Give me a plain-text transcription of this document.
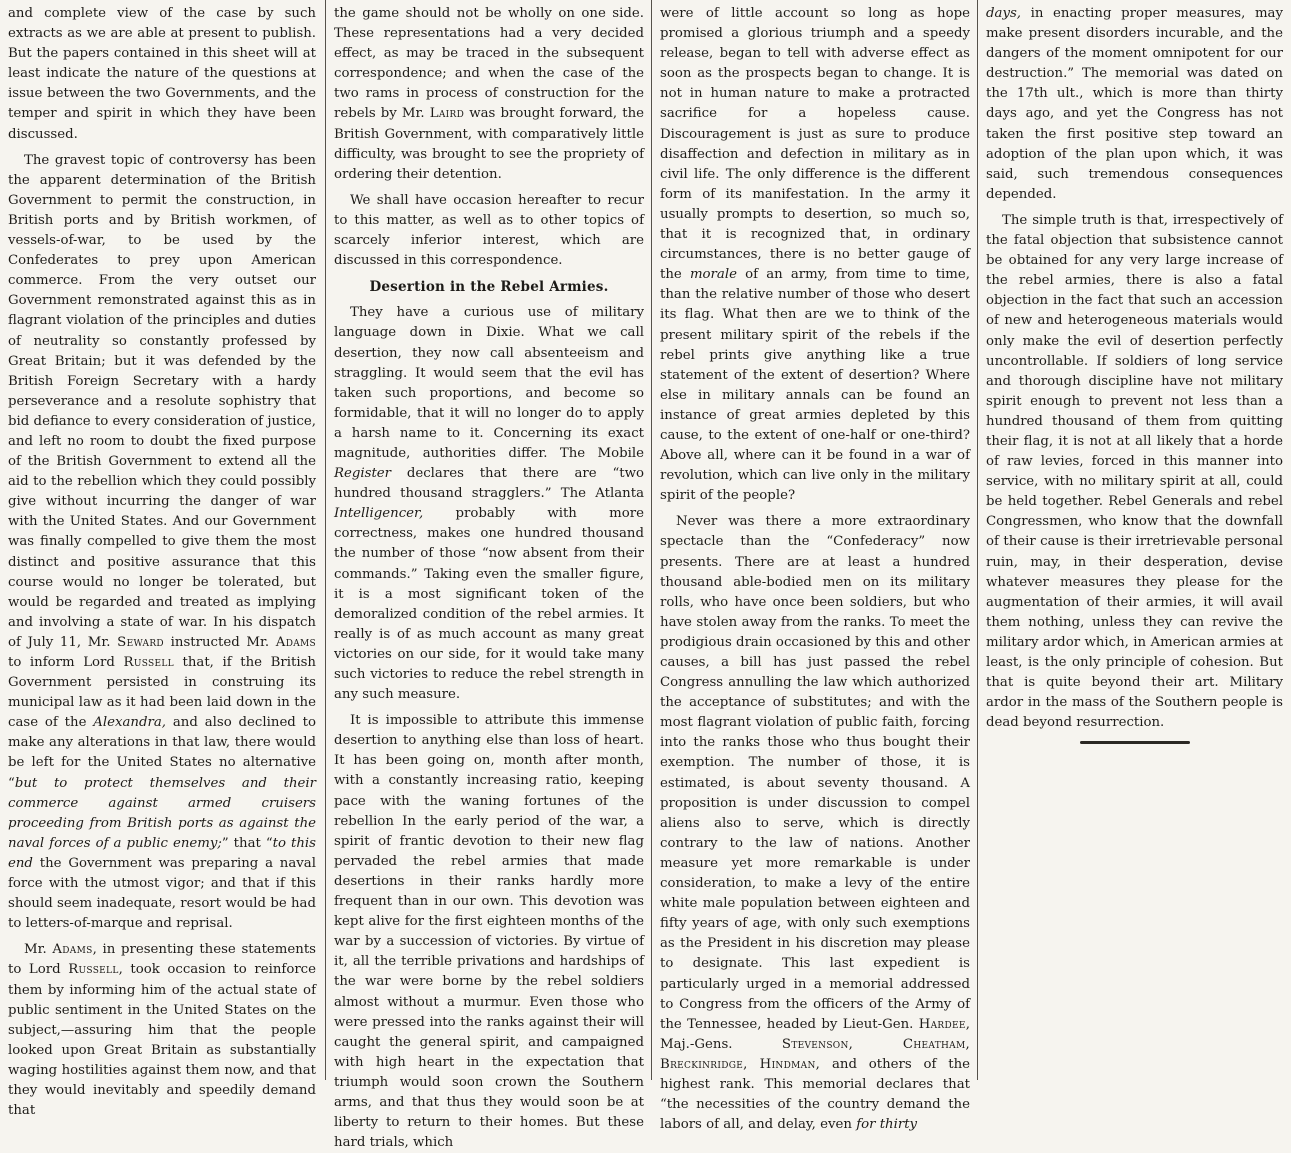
and complete view of the case by such extracts as we are able at present to publish. But the papers contained in this sheet will at least indicate the nature of the questions at issue between the two Governments, and the temper and spirit in which they have been discussed.

The gravest topic of controversy has been the apparent determination of the British Government to permit the construction, in British ports and by British workmen, of vessels-of-war, to be used by the Confederates to prey upon American commerce. From the very outset our Government remonstrated against this as in flagrant violation of the principles and duties of neutrality so constantly professed by Great Britain; but it was defended by the British Foreign Secretary with a hardy perseverance and a resolute sophistry that bid defiance to every consideration of justice, and left no room to doubt the fixed purpose of the British Government to extend all the aid to the rebellion which they could possibly give without incurring the danger of war with the United States. And our Government was finally compelled to give them the most distinct and positive assurance that this course would no longer be tolerated, but would be regarded and treated as implying and involving a state of war. In his dispatch of July 11, Mr. Seward instructed Mr. Adams to inform Lord Russell that, if the British Government persisted in construing its municipal law as it had been laid down in the case of the Alexandra, and also declined to make any alterations in that law, there would be left for the United States no alternative “but to protect themselves and their commerce against armed cruisers proceeding from British ports as against the naval forces of a public enemy;” that “to this end the Government was preparing a naval force with the utmost vigor; and that if this should seem inadequate, resort would be had to letters-of-marque and reprisal.

Mr. Adams, in presenting these statements to Lord Russell, took occasion to reinforce them by informing him of the actual state of public sentiment in the United States on the subject,—assuring him that the people looked upon Great Britain as substantially waging hostilities against them now, and that they would inevitably and speedily demand that

the game should not be wholly on one side. These representations had a very decided effect, as may be traced in the subsequent correspondence; and when the case of the two rams in process of construction for the rebels by Mr. Laird was brought forward, the British Government, with comparatively little difficulty, was brought to see the propriety of ordering their detention.

We shall have occasion hereafter to recur to this matter, as well as to other topics of scarcely inferior interest, which are discussed in this correspondence.

Desertion in the Rebel Armies.

They have a curious use of military language down in Dixie. What we call desertion, they now call absenteeism and straggling. It would seem that the evil has taken such proportions, and become so formidable, that it will no longer do to apply a harsh name to it. Concerning its exact magnitude, authorities differ. The Mobile Register declares that there are “two hundred thousand stragglers.” The Atlanta Intelligencer, probably with more correctness, makes one hundred thousand the number of those “now absent from their commands.” Taking even the smaller figure, it is a most significant token of the demoralized condition of the rebel armies. It really is of as much account as many great victories on our side, for it would take many such victories to reduce the rebel strength in any such measure.

It is impossible to attribute this immense desertion to anything else than loss of heart. It has been going on, month after month, with a constantly increasing ratio, keeping pace with the waning fortunes of the rebellion In the early period of the war, a spirit of frantic devotion to their new flag pervaded the rebel armies that made desertions in their ranks hardly more frequent than in our own. This devotion was kept alive for the first eighteen months of the war by a succession of victories. By virtue of it, all the terrible privations and hardships of the war were borne by the rebel soldiers almost without a murmur. Even those who were pressed into the ranks against their will caught the general spirit, and campaigned with high heart in the expectation that triumph would soon crown the Southern arms, and that thus they would soon be at liberty to return to their homes. But these hard trials, which

were of little account so long as hope promised a glorious triumph and a speedy release, began to tell with adverse effect as soon as the prospects began to change. It is not in human nature to make a protracted sacrifice for a hopeless cause. Discouragement is just as sure to produce disaffection and defection in military as in civil life. The only difference is the different form of its manifestation. In the army it usually prompts to desertion, so much so, that it is recognized that, in ordinary circumstances, there is no better gauge of the morale of an army, from time to time, than the relative number of those who desert its flag. What then are we to think of the present military spirit of the rebels if the rebel prints give anything like a true statement of the extent of desertion? Where else in military annals can be found an instance of great armies depleted by this cause, to the extent of one-half or one-third? Above all, where can it be found in a war of revolution, which can live only in the military spirit of the people?

Never was there a more extraordinary spectacle than the “Confederacy” now presents. There are at least a hundred thousand able-bodied men on its military rolls, who have once been soldiers, but who have stolen away from the ranks. To meet the prodigious drain occasioned by this and other causes, a bill has just passed the rebel Congress annulling the law which authorized the acceptance of substitutes; and with the most flagrant violation of public faith, forcing into the ranks those who thus bought their exemption. The number of those, it is estimated, is about seventy thousand. A proposition is under discussion to compel aliens also to serve, which is directly contrary to the law of nations. Another measure yet more remarkable is under consideration, to make a levy of the entire white male population between eighteen and fifty years of age, with only such exemptions as the President in his discretion may please to designate. This last expedient is particularly urged in a memorial addressed to Congress from the officers of the Army of the Tennessee, headed by Lieut-Gen. Hardee, Maj.-Gens. Stevenson, Cheatham, Breckinridge, Hindman, and others of the highest rank. This memorial declares that “the necessities of the country demand the labors of all, and delay, even for thirty

days, in enacting proper measures, may make present disorders incurable, and the dangers of the moment omnipotent for our destruction.” The memorial was dated on the 17th ult., which is more than thirty days ago, and yet the Congress has not taken the first positive step toward an adoption of the plan upon which, it was said, such tremendous consequences depended.

The simple truth is that, irrespectively of the fatal objection that subsistence cannot be obtained for any very large increase of the rebel armies, there is also a fatal objection in the fact that such an accession of new and heterogeneous materials would only make the evil of desertion perfectly uncontrollable. If soldiers of long service and thorough discipline have not military spirit enough to prevent not less than a hundred thousand of them from quitting their flag, it is not at all likely that a horde of raw levies, forced in this manner into service, with no military spirit at all, could be held together. Rebel Generals and rebel Congressmen, who know that the downfall of their cause is their irretrievable personal ruin, may, in their desperation, devise whatever measures they please for the augmentation of their armies, it will avail them nothing, unless they can revive the military ardor which, in American armies at least, is the only principle of cohesion. But that is quite beyond their art. Military ardor in the mass of the Southern people is dead beyond resurrection.
